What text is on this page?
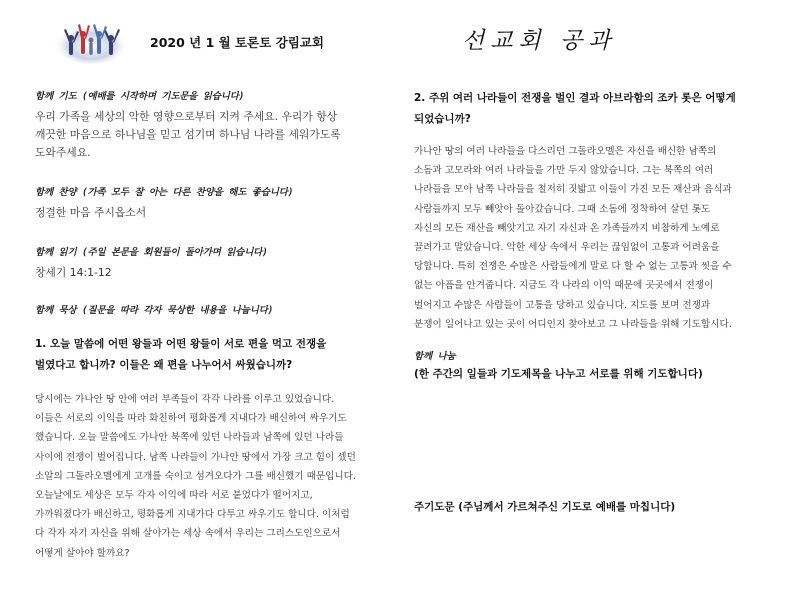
2020 년 1 월 토론토 강림교회	선교회 공과
함께 기도 (예배를 시작하며 기도문을 읽습니다)

우리 가족을 세상의 악한 영향으로부터 지켜 주세요. 우리가 항상

깨끗한 마음으로 하나님을 믿고 섬기며 하나님 나라를 세워가도록

도와주세요.

함께 찬양 (가족 모두 잘 아는 다른 찬양을 해도 좋습니다)

정결한 마음 주시옵소서

함께 읽기 (주일 본문을 회원들이 돌아가며 읽습니다)

창세기 14:1-12

함께 묵상 (질문을 따라 각자 묵상한 내용을 나눕니다)

1. 오늘 말씀에 어떤 왕들과 어떤 왕들이 서로 편을 먹고 전쟁을

벌였다고 합니까? 이들은 왜 편을 나누어서 싸웠습니까?

당시에는 가나안 땅 안에 여러 부족들이 각각 나라를 이루고 있었습니다.

이들은 서로의 이익을 따라 화친하여 평화롭게 지내다가 배신하여 싸우기도

했습니다. 오늘 말씀에도 가나안 북쪽에 있던 나라들과 남쪽에 있던 나라들

사이에 전쟁이 벌어집니다. 남쪽 나라들이 가나안 땅에서 가장 크고 힘이 셌던

소알의 그돌라오멜에게 고개를 숙이고 섬겨오다가 그를 배신했기 때문입니다.

오늘날에도 세상은 모두 각자 이익에 따라 서로 붙었다가 떨어지고,

가까워졌다가 배신하고, 평화롭게 지내가다 다투고 싸우기도 합니다. 이처럼

다 각자 자기 자신을 위해 살아가는 세상 속에서 우리는 그리스도인으로서

어떻게 살아야 할까요?

2. 주위 여러 나라들이 전쟁을 벌인 결과 아브라함의 조카 롯은 어떻게

되었습니까?

가나안 땅의 여러 나라들을 다스리던 그돌라오멜은 자신을 배신한 남쪽의

소돔과 고모라와 여러 나라들을 가만 두지 않았습니다. 그는 북쪽의 여러

나라들을 모아 남쪽 나라들을 철저히 짓밟고 이들이 가진 모든 재산과 음식과

사람들까지 모두 빼앗아 돌아갔습니다. 그때 소돔에 정착하여 살던 롯도

자신의 모든 재산을 빼앗기고 자기 자신과 온 가족들까지 비참하게 노예로

끌려가고 말았습니다. 악한 세상 속에서 우리는 끊임없이 고통과 어려움을

당합니다. 특히 전쟁은 수많은 사람들에게 말로 다 할 수 없는 고통과 씻을 수

없는 아픔을 안겨줍니다. 지금도 각 나라의 이익 때문에 곳곳에서 전쟁이

벌어지고 수많은 사람들이 고통을 당하고 있습니다. 지도를 보며 전쟁과

분쟁이 일어나고 있는 곳이 어디인지 찾아보고 그 나라들을 위해 기도합시다.

함께 나눔

(한 주간의 일들과 기도제목을 나누고 서로를 위해 기도합니다)

주기도문 (주님께서 가르쳐주신 기도로 예배를 마칩니다)
